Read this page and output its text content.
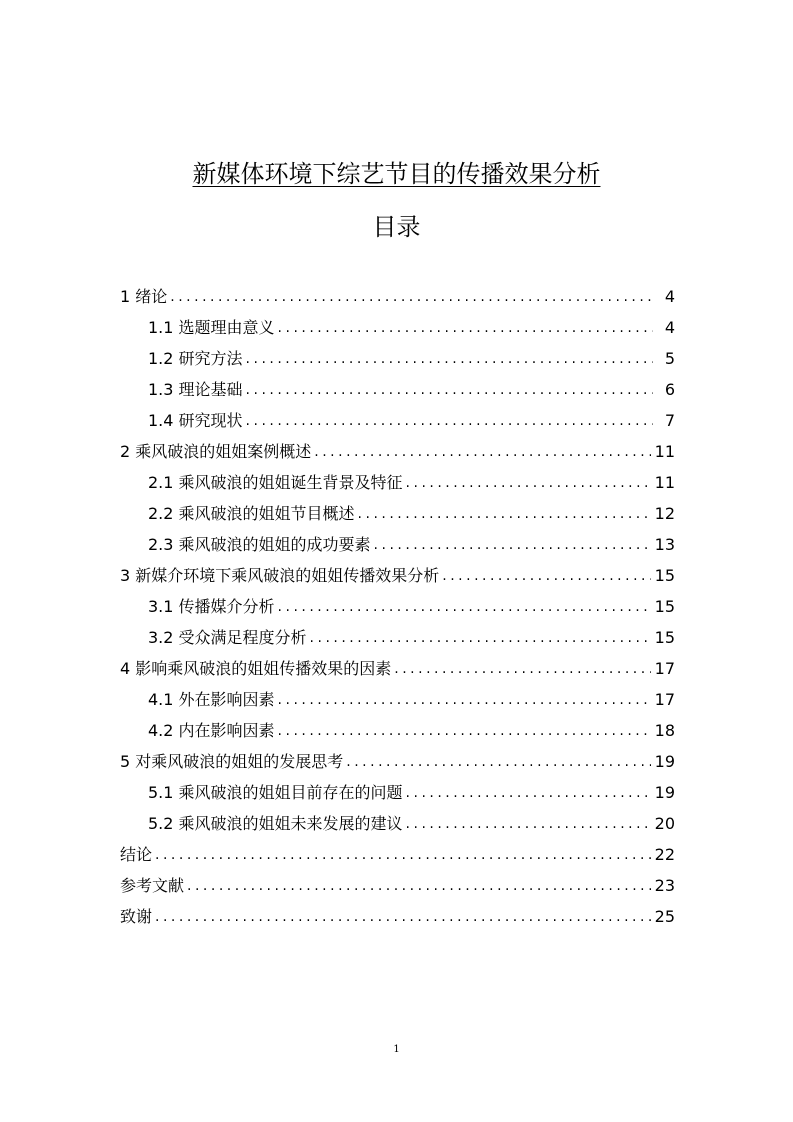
新媒体环境下综艺节目的传播效果分析
目录
1 绪论 .....	4
1.1 选题理由意义 .....	4
1.2 研究方法 .....	5
1.3 理论基础 .....	6
1.4 研究现状 .....	7
2 乘风破浪的姐姐案例概述 .....	11
2.1 乘风破浪的姐姐诞生背景及特征 .....	11
2.2 乘风破浪的姐姐节目概述 .....	12
2.3 乘风破浪的姐姐的成功要素 .....	13
3 新媒介环境下乘风破浪的姐姐传播效果分析 .....	15
3.1 传播媒介分析 .....	15
3.2 受众满足程度分析 .....	15
4 影响乘风破浪的姐姐传播效果的因素 .....	17
4.1 外在影响因素 .....	17
4.2 内在影响因素 .....	18
5 对乘风破浪的姐姐的发展思考 .....	19
5.1 乘风破浪的姐姐目前存在的问题 .....	19
5.2 乘风破浪的姐姐未来发展的建议 .....	20
结论 .....	22
参考文献 .....	23
致谢 .....	25
1
